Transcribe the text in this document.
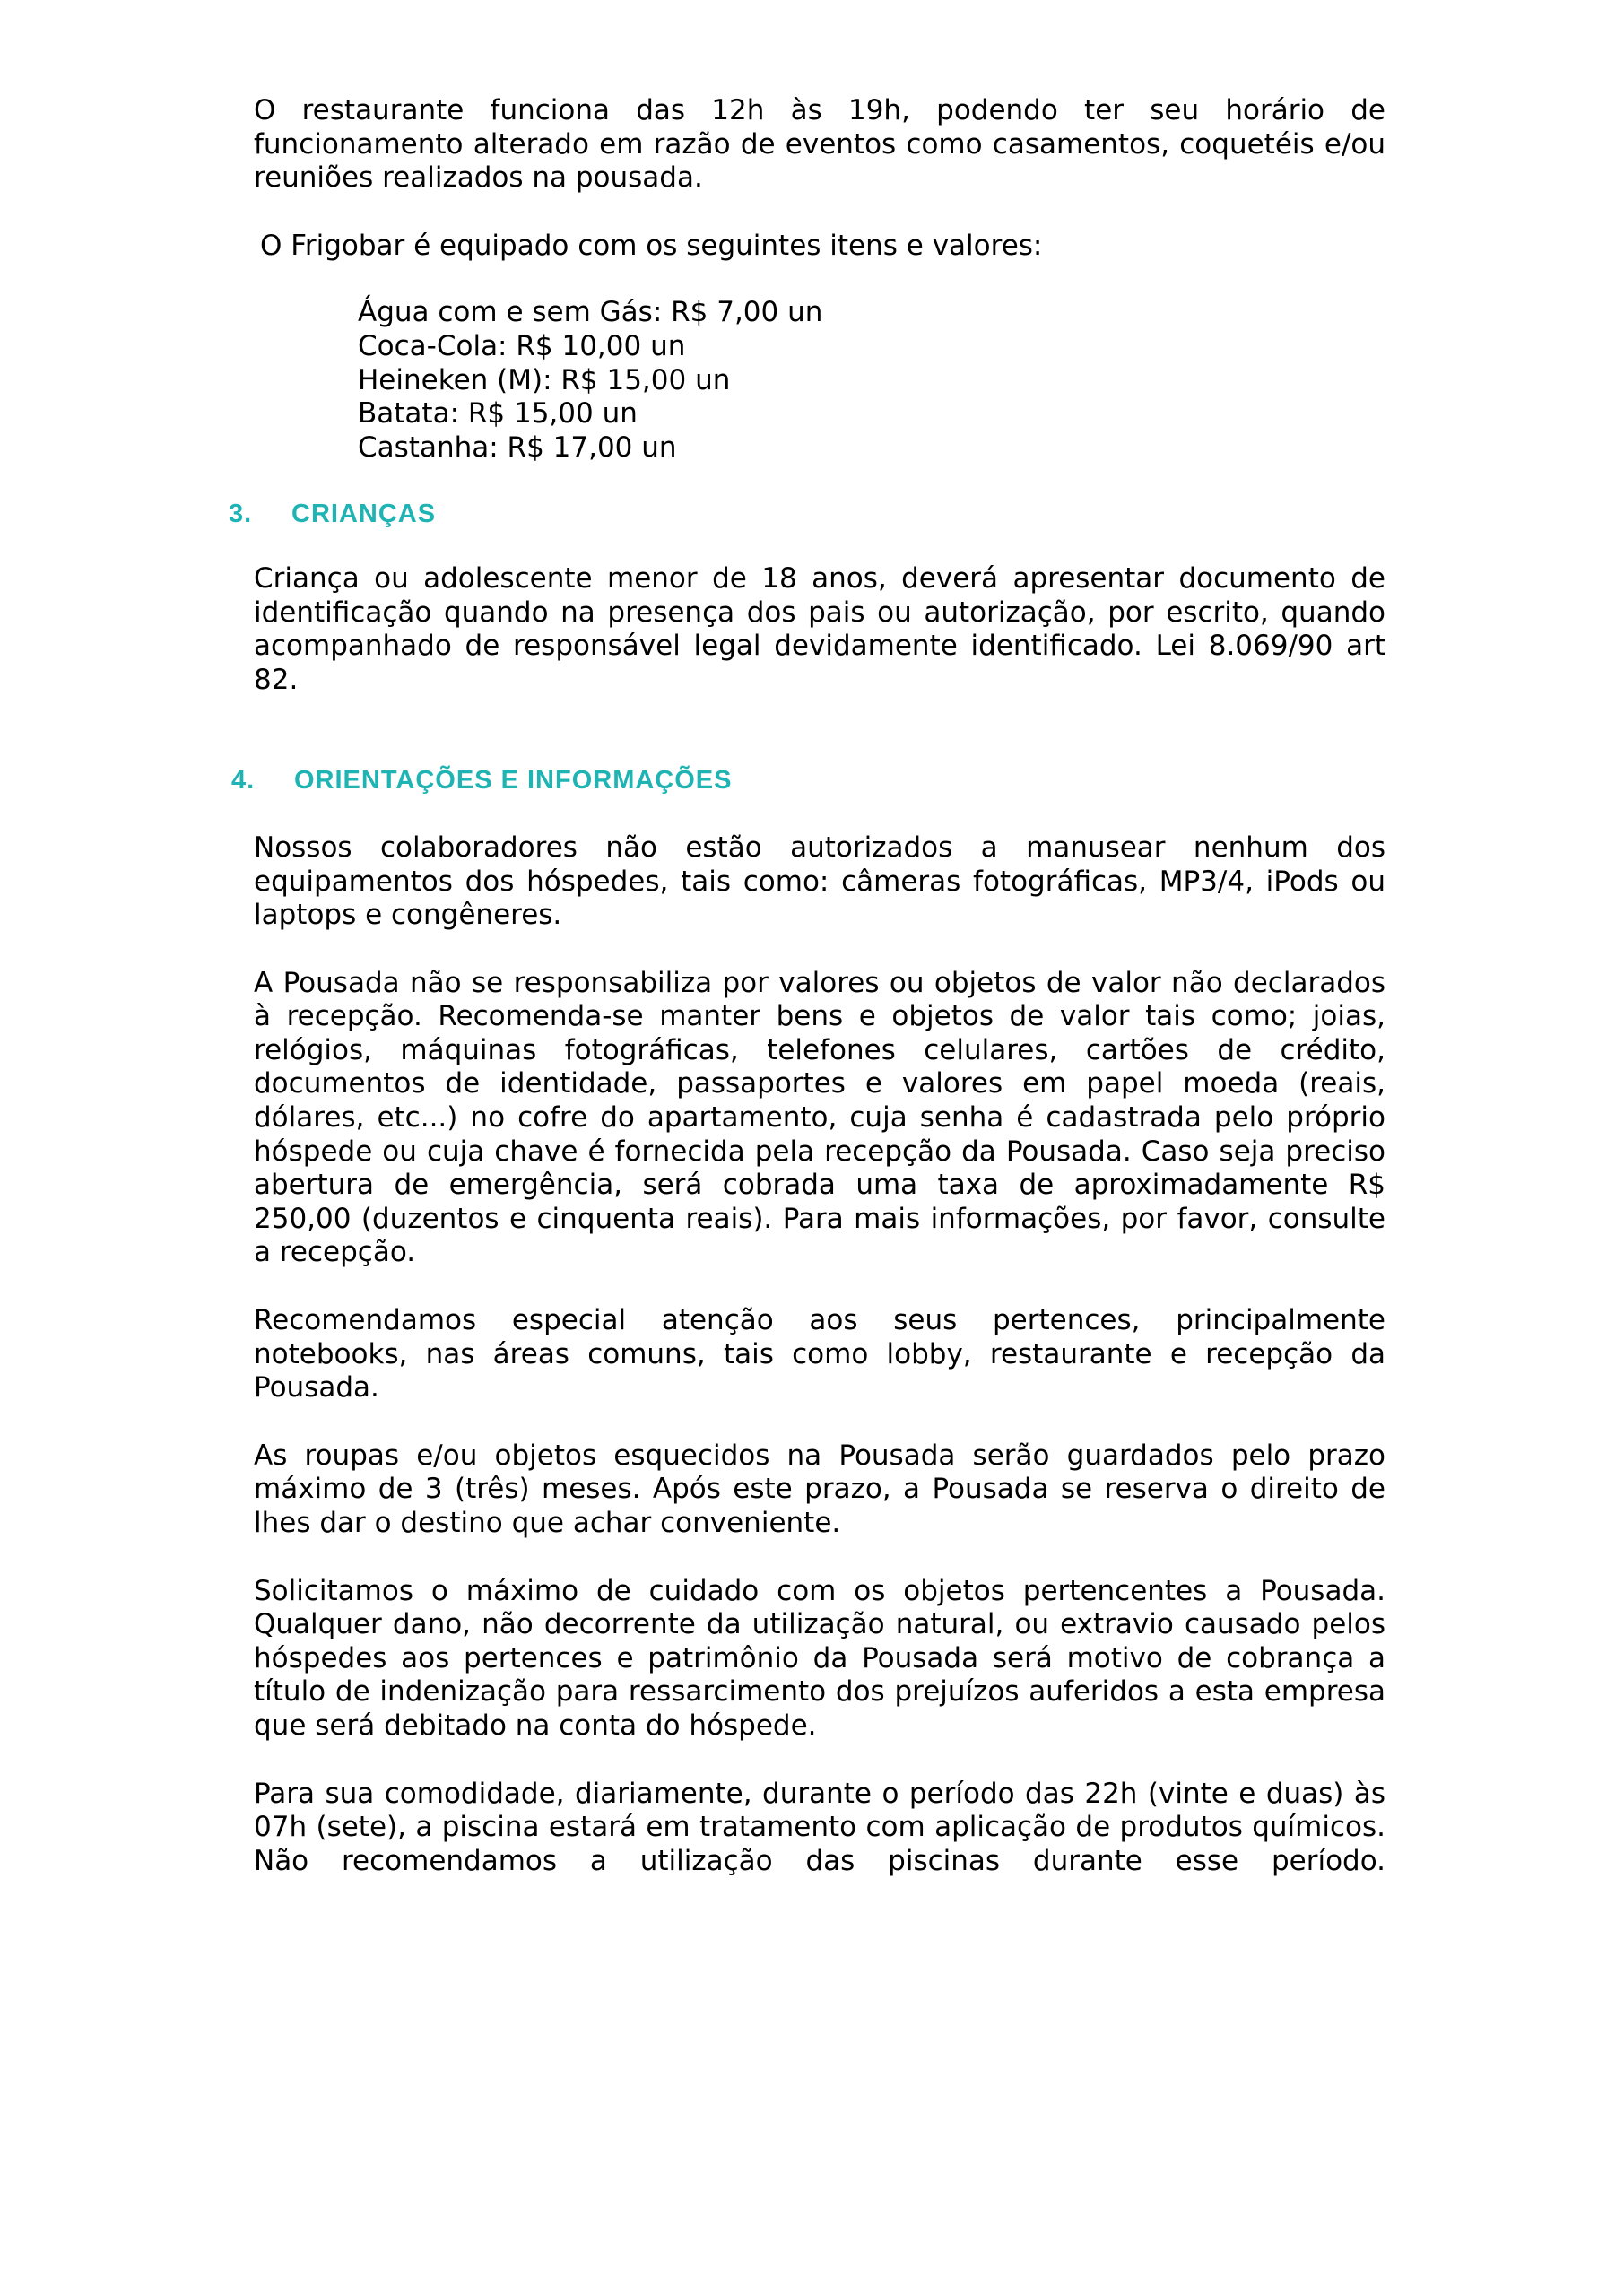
O restaurante funciona das 12h às 19h, podendo ter seu horário de funcionamento alterado em razão de eventos como casamentos, coquetéis e/ou reuniões realizados na pousada.

O Frigobar é equipado com os seguintes itens e valores:

Água com e sem Gás: R$ 7,00 un

Coca-Cola: R$ 10,00 un

Heineken (M): R$ 15,00 un

Batata: R$ 15,00 un

Castanha: R$ 17,00 un

3.	CRIANÇAS

Criança ou adolescente menor de 18 anos, deverá apresentar documento de identificação quando na presença dos pais ou autorização, por escrito, quando acompanhado de responsável legal devidamente identificado. Lei 8.069/90 art 82.

4.	ORIENTAÇÕES E INFORMAÇÕES

Nossos colaboradores não estão autorizados a manusear nenhum dos equipamentos dos hóspedes, tais como: câmeras fotográficas, MP3/4, iPods ou laptops e congêneres.

A Pousada não se responsabiliza por valores ou objetos de valor não declarados à recepção. Recomenda-se manter bens e objetos de valor tais como; joias, relógios, máquinas fotográficas, telefones celulares, cartões de crédito, documentos de identidade, passaportes e valores em papel moeda (reais, dólares, etc...) no cofre do apartamento, cuja senha é cadastrada pelo próprio hóspede ou cuja chave é fornecida pela recepção da Pousada. Caso seja preciso abertura de emergência, será cobrada uma taxa de aproximadamente R$ 250,00 (duzentos e cinquenta reais). Para mais informações, por favor, consulte a recepção.

Recomendamos especial atenção aos seus pertences, principalmente notebooks, nas áreas comuns, tais como lobby, restaurante e recepção da Pousada.

As roupas e/ou objetos esquecidos na Pousada serão guardados pelo prazo máximo de 3 (três) meses. Após este prazo, a Pousada se reserva o direito de lhes dar o destino que achar conveniente.

Solicitamos o máximo de cuidado com os objetos pertencentes a Pousada. Qualquer dano, não decorrente da utilização natural, ou extravio causado pelos hóspedes aos pertences e patrimônio da Pousada será motivo de cobrança a título de indenização para ressarcimento dos prejuízos auferidos a esta empresa que será debitado na conta do hóspede.

Para sua comodidade, diariamente, durante o período das 22h (vinte e duas) às 07h (sete), a piscina estará em tratamento com aplicação de produtos químicos. Não recomendamos a utilização das piscinas durante esse período.
